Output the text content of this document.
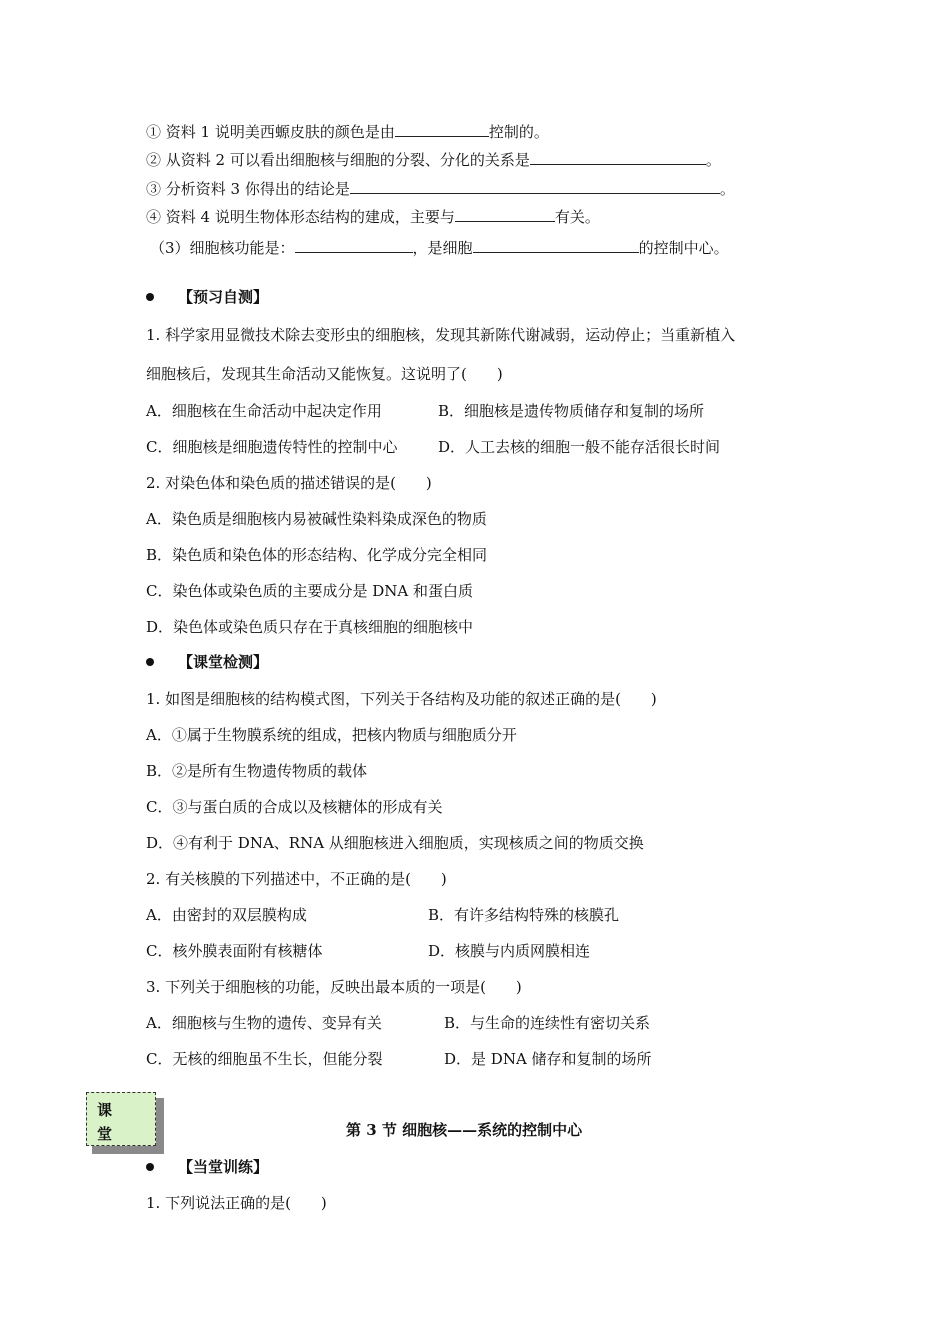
① 资料 1 说明美西螈皮肤的颜色是由	控制的。
② 从资料 2 可以看出细胞核与细胞的分裂、分化的关系是	。
③ 分析资料 3 你得出的结论是	。
④ 资料 4 说明生物体形态结构的建成，主要与	有关。
（3）细胞核功能是：	，是细胞	的控制中心。
【预习自测】
1. 科学家用显微技术除去变形虫的细胞核，发现其新陈代谢减弱，运动停止；当重新植入
细胞核后，发现其生命活动又能恢复。这说明了(　　)
A．细胞核在生命活动中起决定作用	B．细胞核是遗传物质储存和复制的场所
C．细胞核是细胞遗传特性的控制中心	D．人工去核的细胞一般不能存活很长时间
2. 对染色体和染色质的描述错误的是(　　)
A．染色质是细胞核内易被碱性染料染成深色的物质
B．染色质和染色体的形态结构、化学成分完全相同
C．染色体或染色质的主要成分是 DNA 和蛋白质
D．染色体或染色质只存在于真核细胞的细胞核中
【课堂检测】
1. 如图是细胞核的结构模式图，下列关于各结构及功能的叙述正确的是(　　)
A．①属于生物膜系统的组成，把核内物质与细胞质分开
B．②是所有生物遗传物质的载体
C．③与蛋白质的合成以及核糖体的形成有关
D．④有利于 DNA、RNA 从细胞核进入细胞质，实现核质之间的物质交换
2. 有关核膜的下列描述中，不正确的是(　　)
A．由密封的双层膜构成	B．有许多结构特殊的核膜孔
C．核外膜表面附有核糖体	D．核膜与内质网膜相连
3. 下列关于细胞核的功能，反映出最本质的一项是(　　)
A．细胞核与生物的遗传、变异有关	B．与生命的连续性有密切关系
C．无核的细胞虽不生长，但能分裂	D．是 DNA 储存和复制的场所
课
堂	第 3 节 细胞核——系统的控制中心
【当堂训练】
1. 下列说法正确的是(　　)
